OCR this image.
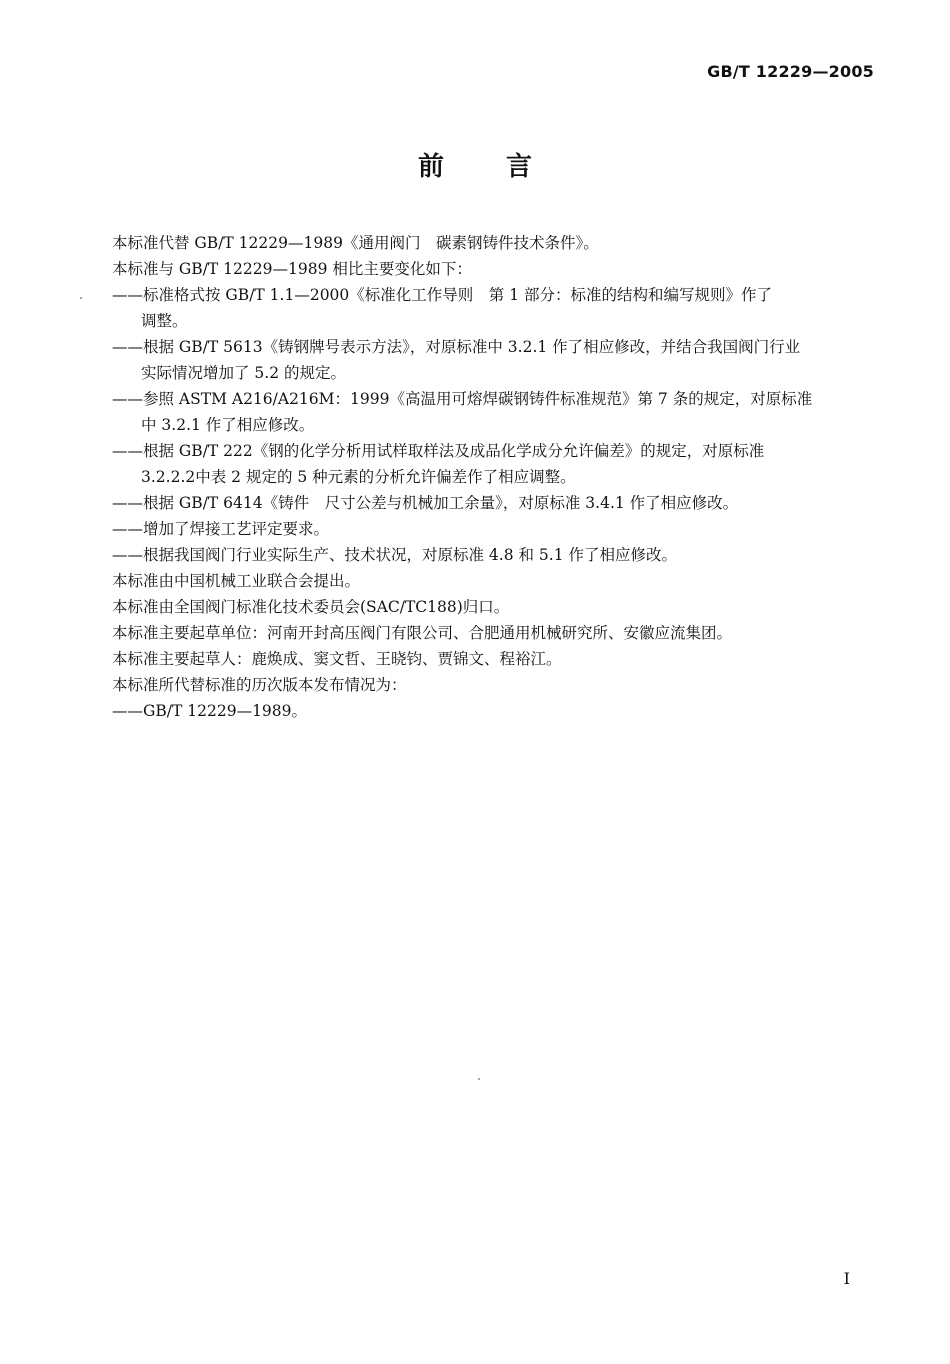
GB/T 12229—2005
前言
本标准代替 GB/T 12229—1989《通用阀门　碳素钢铸件技术条件》。
本标准与 GB/T 12229—1989 相比主要变化如下：
——标准格式按 GB/T 1.1—2000《标准化工作导则　第 1 部分：标准的结构和编写规则》作了
调整。
——根据 GB/T 5613《铸钢牌号表示方法》，对原标准中 3.2.1 作了相应修改，并结合我国阀门行业
实际情况增加了 5.2 的规定。
——参照 ASTM A216/A216M：1999《高温用可熔焊碳钢铸件标准规范》第 7 条的规定，对原标准
中 3.2.1 作了相应修改。
——根据 GB/T 222《钢的化学分析用试样取样法及成品化学成分允许偏差》的规定，对原标准
3.2.2.2中表 2 规定的 5 种元素的分析允许偏差作了相应调整。
——根据 GB/T 6414《铸件　尺寸公差与机械加工余量》，对原标准 3.4.1 作了相应修改。
——增加了焊接工艺评定要求。
——根据我国阀门行业实际生产、技术状况，对原标准 4.8 和 5.1 作了相应修改。
本标准由中国机械工业联合会提出。
本标准由全国阀门标准化技术委员会(SAC/TC188)归口。
本标准主要起草单位：河南开封高压阀门有限公司、合肥通用机械研究所、安徽应流集团。
本标准主要起草人：鹿焕成、窦文哲、王晓钧、贾锦文、程裕江。
本标准所代替标准的历次版本发布情况为：
——GB/T 12229—1989。
I
